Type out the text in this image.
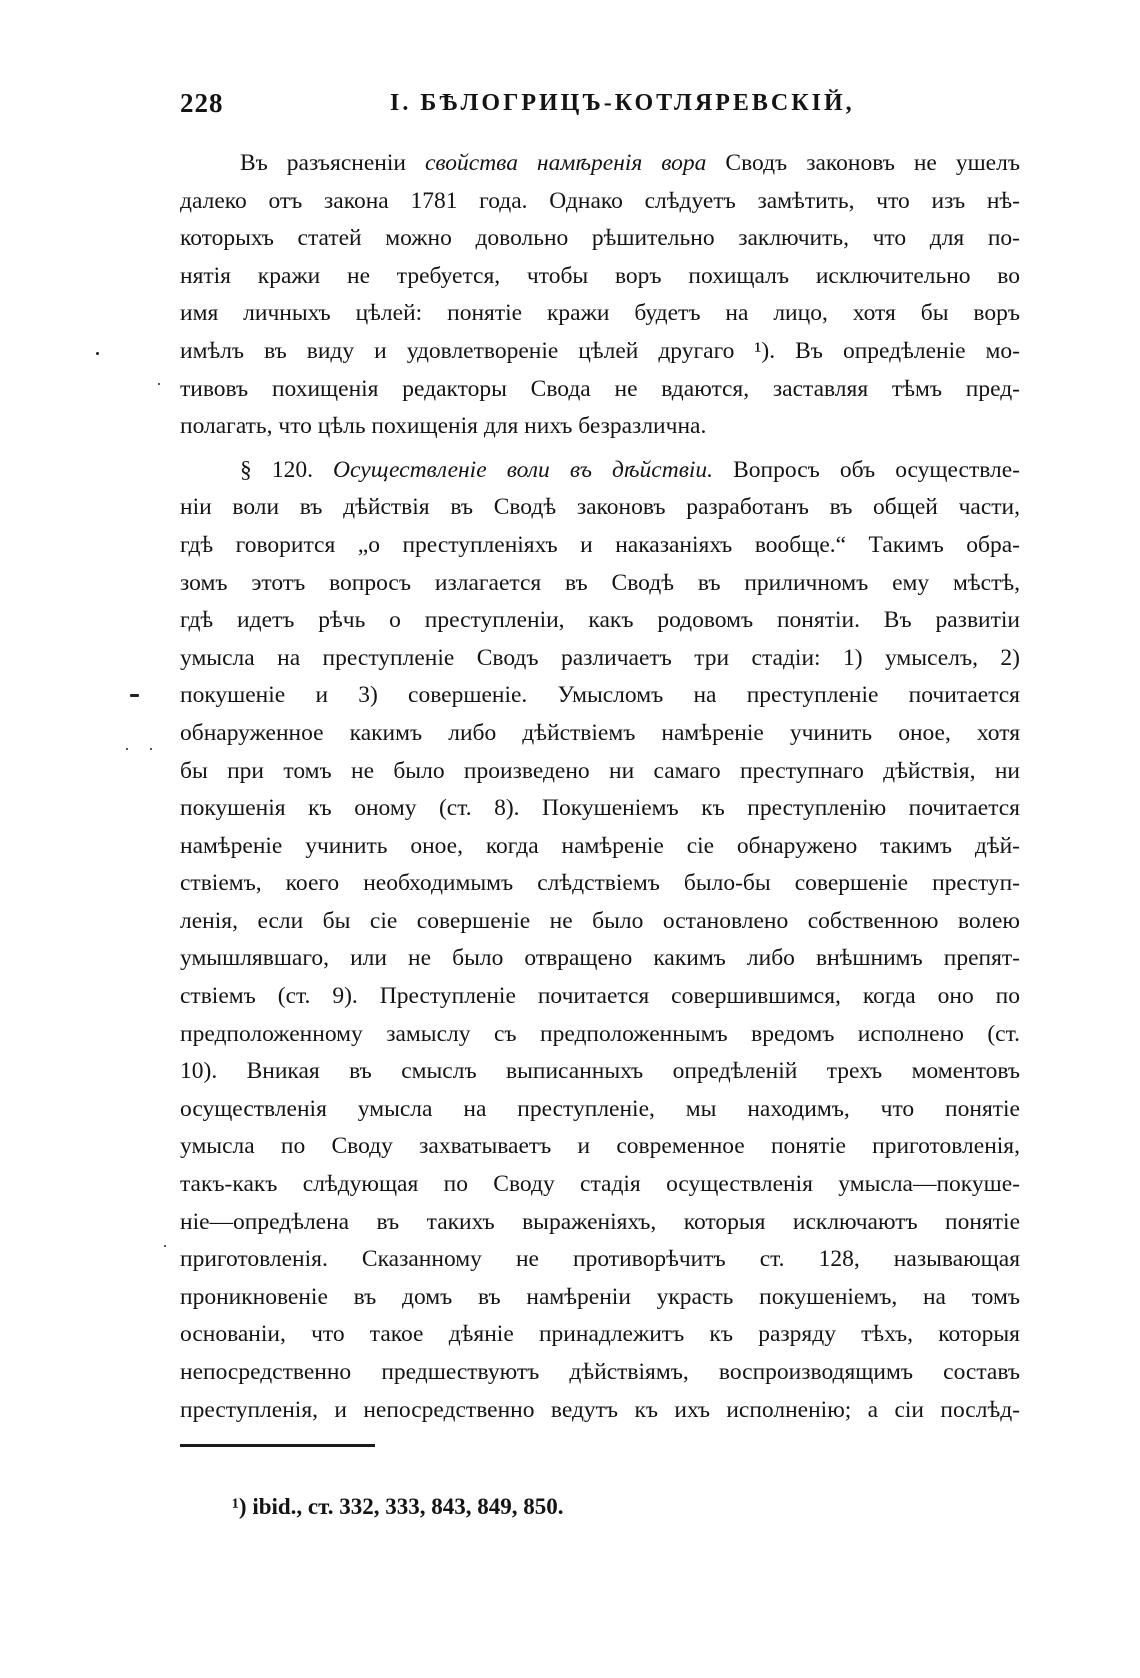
228	I. БѢЛОГРИЦЪ-КОТЛЯРЕВСКІЙ,
Въ разъясненіи свойства намѣренія вора Сводъ законовъ не ушелъ
далеко отъ закона 1781 года. Однако слѣдуетъ замѣтить, что изъ нѣ-
которыхъ статей можно довольно рѣшительно заключить, что для по-
нятія кражи не требуется, чтобы воръ похищалъ исключительно во
имя личныхъ цѣлей: понятіе кражи будетъ на лицо, хотя бы воръ
имѣлъ въ виду и удовлетвореніе цѣлей другаго ¹). Въ опредѣленіе мо-
тивовъ похищенія редакторы Свода не вдаются, заставляя тѣмъ пред-
полагать, что цѣль похищенія для нихъ безразлична.
§ 120. Осуществленіе воли въ дѣйствіи. Вопросъ объ осуществле-
ніи воли въ дѣйствія въ Сводѣ законовъ разработанъ въ общей части,
гдѣ говорится „о преступленіяхъ и наказаніяхъ вообще.“ Такимъ обра-
зомъ этотъ вопросъ излагается въ Сводѣ въ приличномъ ему мѣстѣ,
гдѣ идетъ рѣчь о преступленіи, какъ родовомъ понятіи. Въ развитіи
умысла на преступленіе Сводъ различаетъ три стадіи: 1) умыселъ, 2)
покушеніе и 3) совершеніе. Умысломъ на преступленіе почитается
обнаруженное какимъ либо дѣйствіемъ намѣреніе учинить оное, хотя
бы при томъ не было произведено ни самаго преступнаго дѣйствія, ни
покушенія къ оному (ст. 8). Покушеніемъ къ преступленію почитается
намѣреніе учинить оное, когда намѣреніе сіе обнаружено такимъ дѣй-
ствіемъ, коего необходимымъ слѣдствіемъ было-бы совершеніе преступ-
ленія, если бы сіе совершеніе не было остановлено собственною волею
умышлявшаго, или не было отвращено какимъ либо внѣшнимъ препят-
ствіемъ (ст. 9). Преступленіе почитается совершившимся, когда оно по
предположенному замыслу съ предположеннымъ вредомъ исполнено (ст.
10). Вникая въ смыслъ выписанныхъ опредѣленій трехъ моментовъ
осуществленія умысла на преступленіе, мы находимъ, что понятіе
умысла по Своду захватываетъ и современное понятіе приготовленія,
такъ-какъ слѣдующая по Своду стадія осуществленія умысла—покуше-
ніе—опредѣлена въ такихъ выраженіяхъ, которыя исключаютъ понятіе
приготовленія. Сказанному не противорѣчитъ ст. 128, называющая
проникновеніе въ домъ въ намѣреніи украсть покушеніемъ, на томъ
основаніи, что такое дѣяніе принадлежитъ къ разряду тѣхъ, которыя
непосредственно предшествуютъ дѣйствіямъ, воспроизводящимъ составъ
преступленія, и непосредственно ведутъ къ ихъ исполненію; а сіи послѣд-
¹) ibid., ст. 332, 333, 843, 849, 850.
